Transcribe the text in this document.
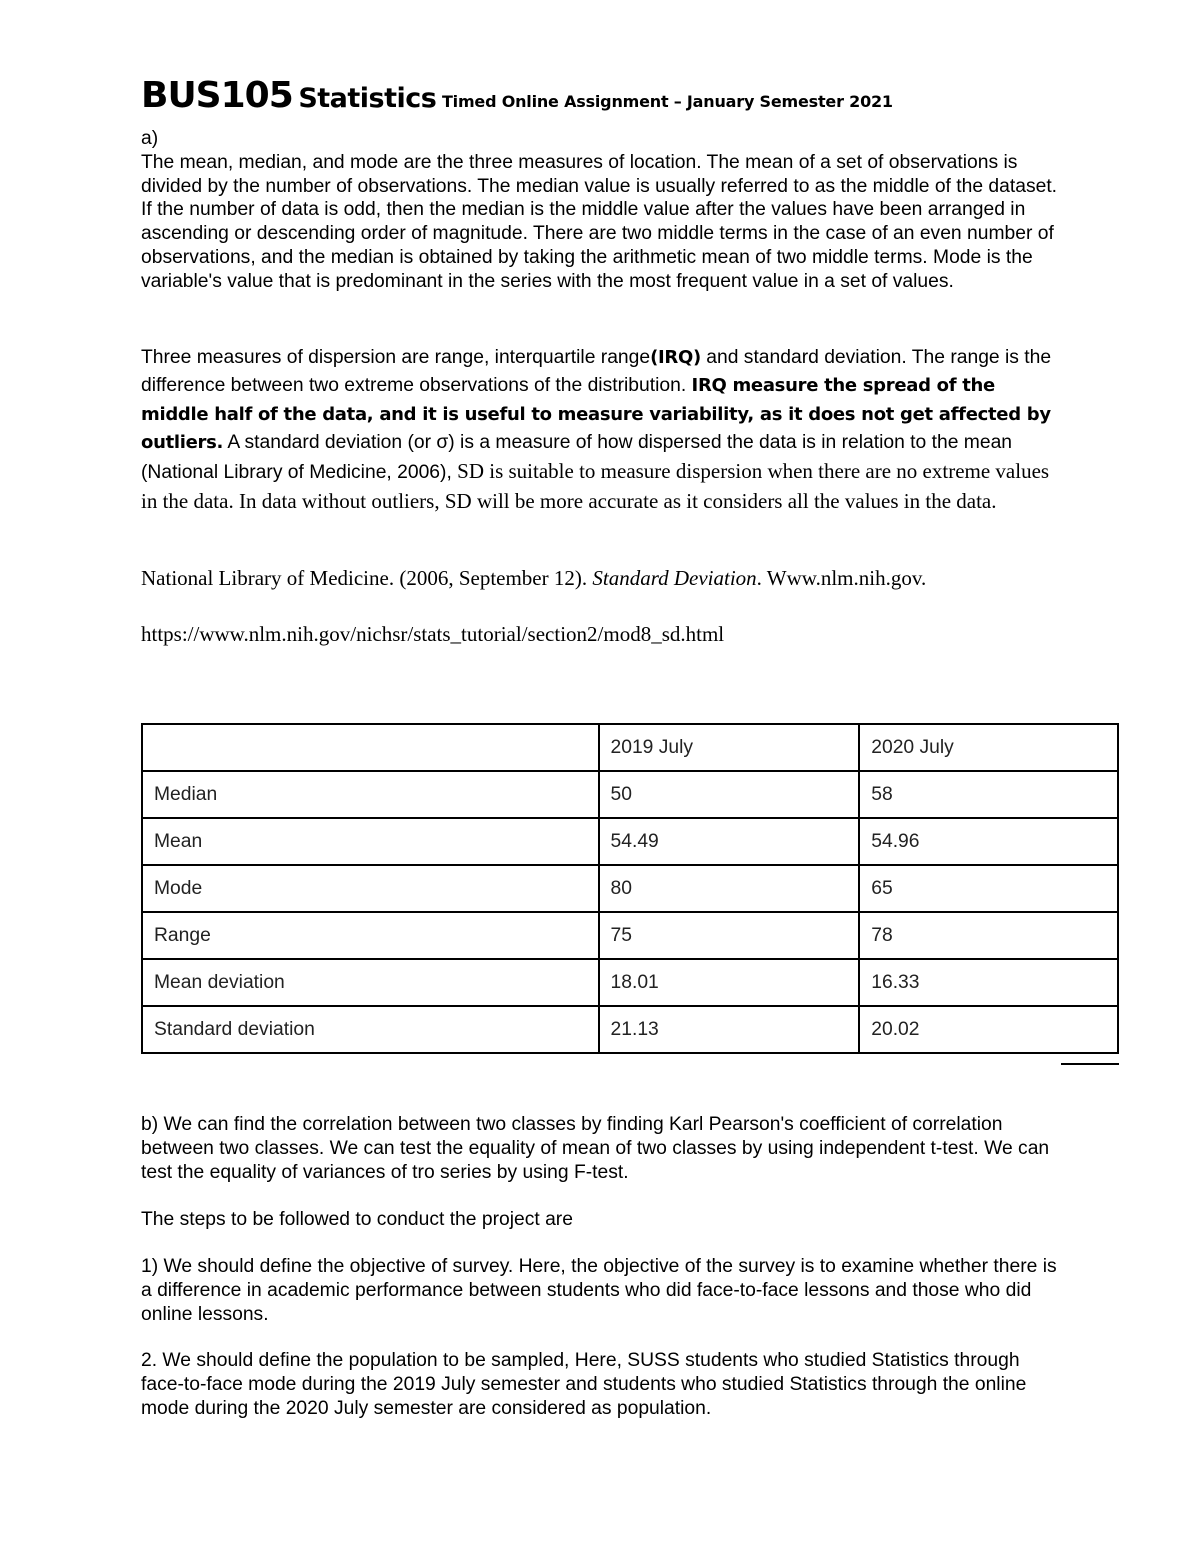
BUS105 Statistics Timed Online Assignment – January Semester 2021
a)
The mean, median, and mode are the three measures of location. The mean of a set of observations is divided by the number of observations. The median value is usually referred to as the middle of the dataset. If the number of data is odd, then the median is the middle value after the values have been arranged in ascending or descending order of magnitude. There are two middle terms in the case of an even number of observations, and the median is obtained by taking the arithmetic mean of two middle terms. Mode is the variable's value that is predominant in the series with the most frequent value in a set of values.

Three measures of dispersion are range, interquartile range(IRQ) and standard deviation. The range is the difference between two extreme observations of the distribution. IRQ measure the spread of the middle half of the data, and it is useful to measure variability, as it does not get affected by outliers. A standard deviation (or σ) is a measure of how dispersed the data is in relation to the mean (National Library of Medicine, 2006), SD is suitable to measure dispersion when there are no extreme values in the data. In data without outliers, SD will be more accurate as it considers all the values in the data.

National Library of Medicine. (2006, September 12). Standard Deviation. Www.nlm.nih.gov.

https://www.nlm.nih.gov/nichsr/stats_tutorial/section2/mod8_sd.html

	2019 July	2020 July
Median	50	58
Mean	54.49	54.96
Mode	80	65
Range	75	78
Mean deviation	18.01	16.33
Standard deviation	21.13	20.02

b) We can find the correlation between two classes by finding Karl Pearson's coefficient of correlation between two classes. We can test the equality of mean of two classes by using independent t-test. We can test the equality of variances of tro series by using F-test.

The steps to be followed to conduct the project are

1) We should define the objective of survey. Here, the objective of the survey is to examine whether there is a difference in academic performance between students who did face-to-face lessons and those who did online lessons.

2. We should define the population to be sampled, Here, SUSS students who studied Statistics through face-to-face mode during the 2019 July semester and students who studied Statistics through the online mode during the 2020 July semester are considered as population.
